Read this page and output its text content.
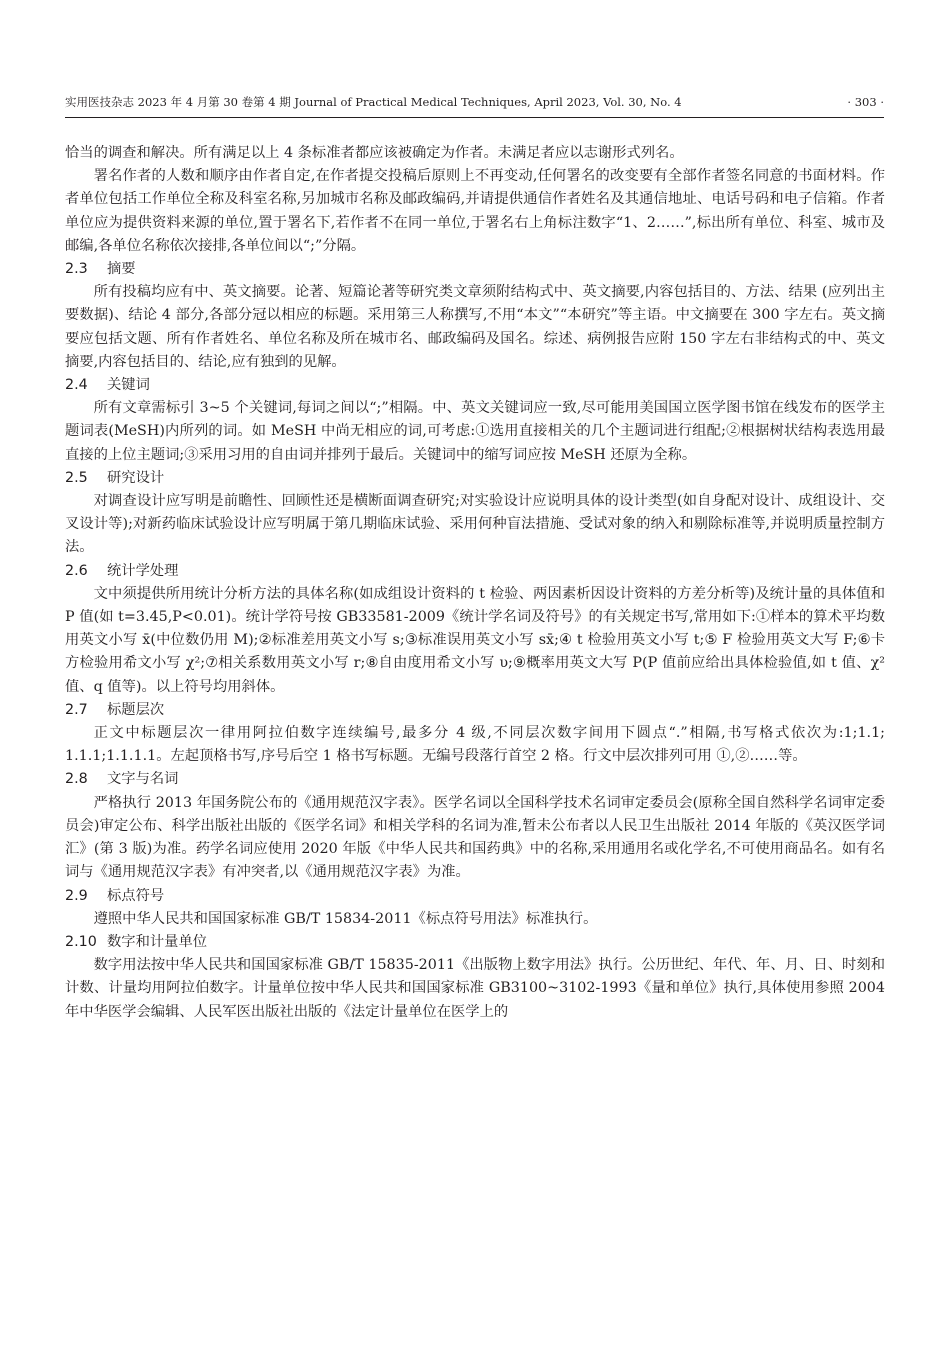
实用医技杂志 2023 年 4 月第 30 卷第 4 期 Journal of Practical Medical Techniques, April 2023, Vol. 30, No. 4	· 303 ·

恰当的调查和解决。所有满足以上 4 条标准者都应该被确定为作者。未满足者应以志谢形式列名。

署名作者的人数和顺序由作者自定,在作者提交投稿后原则上不再变动,任何署名的改变要有全部作者签名同意的书面材料。作者单位包括工作单位全称及科室名称,另加城市名称及邮政编码,并请提供通信作者姓名及其通信地址、电话号码和电子信箱。作者单位应为提供资料来源的单位,置于署名下,若作者不在同一单位,于署名右上角标注数字“1、2……”,标出所有单位、科室、城市及邮编,各单位名称依次接排,各单位间以“;”分隔。

2.3 摘要

所有投稿均应有中、英文摘要。论著、短篇论著等研究类文章须附结构式中、英文摘要,内容包括目的、方法、结果 (应列出主要数据)、结论 4 部分,各部分冠以相应的标题。采用第三人称撰写,不用“本文”“本研究”等主语。中文摘要在 300 字左右。英文摘要应包括文题、所有作者姓名、单位名称及所在城市名、邮政编码及国名。综述、病例报告应附 150 字左右非结构式的中、英文摘要,内容包括目的、结论,应有独到的见解。

2.4 关键词

所有文章需标引 3~5 个关键词,每词之间以“;”相隔。中、英文关键词应一致,尽可能用美国国立医学图书馆在线发布的医学主题词表(MeSH)内所列的词。如 MeSH 中尚无相应的词,可考虑:①选用直接相关的几个主题词进行组配;②根据树状结构表选用最直接的上位主题词;③采用习用的自由词并排列于最后。关键词中的缩写词应按 MeSH 还原为全称。

2.5 研究设计

对调查设计应写明是前瞻性、回顾性还是横断面调查研究;对实验设计应说明具体的设计类型(如自身配对设计、成组设计、交叉设计等);对新药临床试验设计应写明属于第几期临床试验、采用何种盲法措施、受试对象的纳入和剔除标准等,并说明质量控制方法。

2.6 统计学处理

文中须提供所用统计分析方法的具体名称(如成组设计资料的 t 检验、两因素析因设计资料的方差分析等)及统计量的具体值和 P 值(如 t=3.45,P<0.01)。统计学符号按 GB33581-2009《统计学名词及符号》的有关规定书写,常用如下:①样本的算术平均数用英文小写 x̄(中位数仍用 M);②标准差用英文小写 s;③标准误用英文小写 sx̄;④ t 检验用英文小写 t;⑤ F 检验用英文大写 F;⑥卡方检验用希文小写 χ²;⑦相关系数用英文小写 r;⑧自由度用希文小写 υ;⑨概率用英文大写 P(P 值前应给出具体检验值,如 t 值、χ² 值、q 值等)。以上符号均用斜体。

2.7 标题层次

正文中标题层次一律用阿拉伯数字连续编号,最多分 4 级,不同层次数字间用下圆点“.”相隔,书写格式依次为:1;1.1; 1.1.1;1.1.1.1。左起顶格书写,序号后空 1 格书写标题。无编号段落行首空 2 格。行文中层次排列可用 ①,②……等。

2.8 文字与名词

严格执行 2013 年国务院公布的《通用规范汉字表》。医学名词以全国科学技术名词审定委员会(原称全国自然科学名词审定委员会)审定公布、科学出版社出版的《医学名词》和相关学科的名词为准,暂未公布者以人民卫生出版社 2014 年版的《英汉医学词汇》(第 3 版)为准。药学名词应使用 2020 年版《中华人民共和国药典》中的名称,采用通用名或化学名,不可使用商品名。如有名词与《通用规范汉字表》有冲突者,以《通用规范汉字表》为准。

2.9 标点符号

遵照中华人民共和国国家标准 GB/T 15834-2011《标点符号用法》标准执行。

2.10 数字和计量单位

数字用法按中华人民共和国国家标准 GB/T 15835-2011《出版物上数字用法》执行。公历世纪、年代、年、月、日、时刻和计数、计量均用阿拉伯数字。计量单位按中华人民共和国国家标准 GB3100~3102-1993《量和单位》执行,具体使用参照 2004年中华医学会编辑、人民军医出版社出版的《法定计量单位在医学上的
